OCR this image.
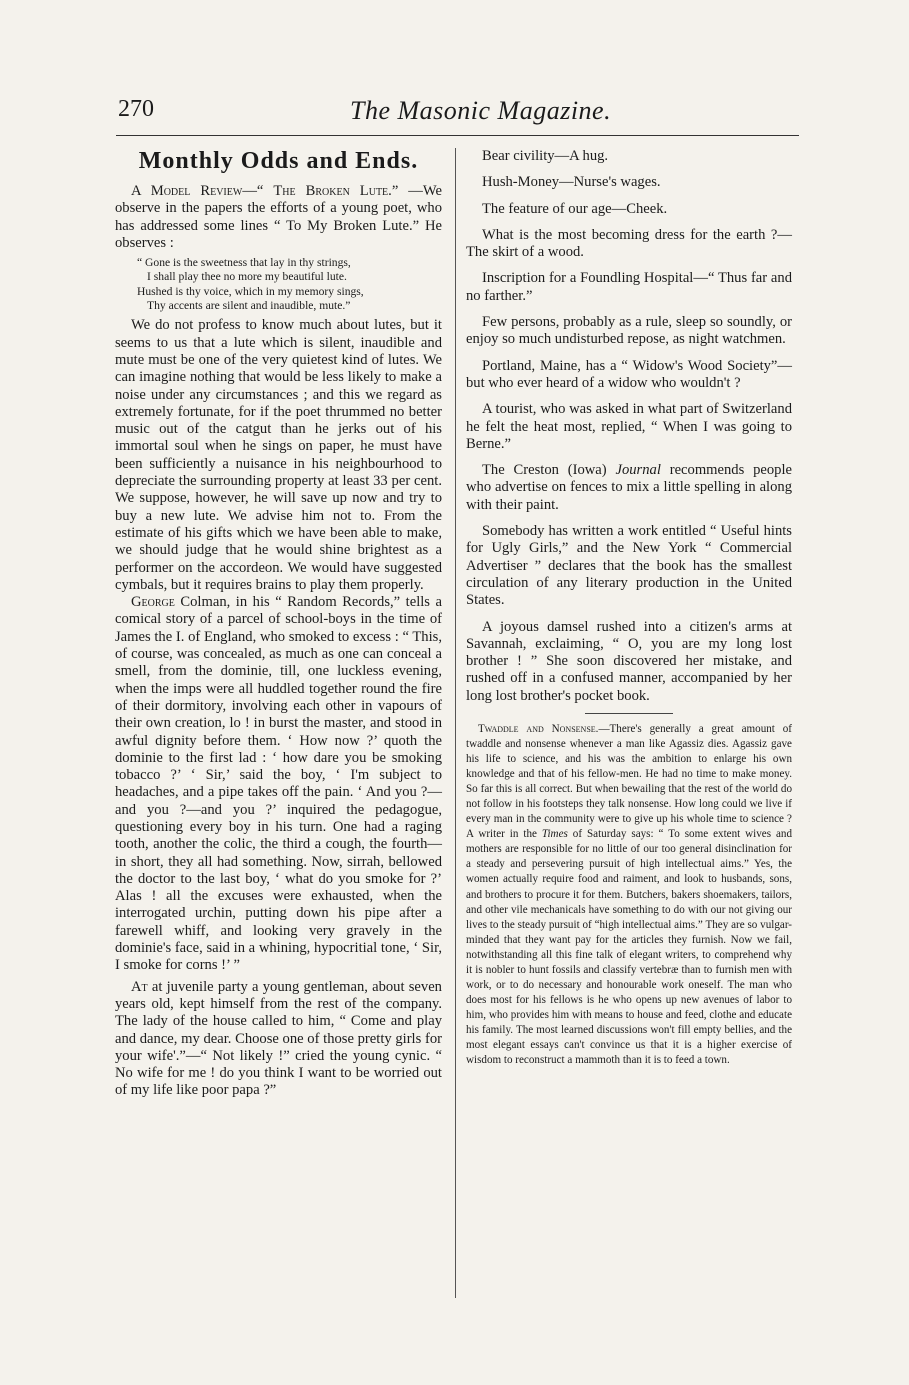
270	The Masonic Magazine.
Monthly Odds and Ends.

A Model Review—“ The Broken Lute.” —We observe in the papers the efforts of a young poet, who has addressed some lines “ To My Broken Lute.” He observes :

“ Gone is the sweetness that lay in thy strings,
I shall play thee no more my beautiful lute.
Hushed is thy voice, which in my memory sings,
Thy accents are silent and inaudible, mute.”

We do not profess to know much about lutes, but it seems to us that a lute which is silent, inaudible and mute must be one of the very quietest kind of lutes. We can imagine nothing that would be less likely to make a noise under any circumstances ; and this we regard as extremely fortunate, for if the poet thrummed no better music out of the catgut than he jerks out of his immortal soul when he sings on paper, he must have been sufficiently a nuisance in his neighbourhood to depreciate the surrounding property at least 33 per cent. We suppose, however, he will save up now and try to buy a new lute. We advise him not to. From the estimate of his gifts which we have been able to make, we should judge that he would shine brightest as a performer on the accordeon. We would have suggested cymbals, but it requires brains to play them properly.

George Colman, in his “ Random Records,” tells a comical story of a parcel of school-boys in the time of James the I. of England, who smoked to excess : “ This, of course, was concealed, as much as one can conceal a smell, from the dominie, till, one luckless evening, when the imps were all huddled together round the fire of their dormitory, involving each other in vapours of their own creation, lo ! in burst the master, and stood in awful dignity before them. ‘ How now ?’ quoth the dominie to the first lad : ‘ how dare you be smoking tobacco ?’ ‘ Sir,’ said the boy, ‘ I'm subject to headaches, and a pipe takes off the pain. ‘ And you ?—and you ?—and you ?’ inquired the pedagogue, questioning every boy in his turn. One had a raging tooth, another the colic, the third a cough, the fourth—in short, they all had something. Now, sirrah, bellowed the doctor to the last boy, ‘ what do you smoke for ?’ Alas ! all the excuses were exhausted, when the interrogated urchin, putting down his pipe after a farewell whiff, and looking very gravely in the dominie's face, said in a whining, hypocritial tone, ‘ Sir, I smoke for corns !’ ”

At at juvenile party a young gentleman, about seven years old, kept himself from the rest of the company. The lady of the house called to him, “ Come and play and dance, my dear. Choose one of those pretty girls for your wife'.”—“ Not likely !” cried the young cynic. “ No wife for me ! do you think I want to be worried out of my life like poor papa ?”

Bear civility—A hug.

Hush-Money—Nurse's wages.

The feature of our age—Cheek.

What is the most becoming dress for the earth ?—The skirt of a wood.

Inscription for a Foundling Hospital—“ Thus far and no farther.”

Few persons, probably as a rule, sleep so soundly, or enjoy so much undisturbed repose, as night watchmen.

Portland, Maine, has a “ Widow's Wood Society”—but who ever heard of a widow who wouldn't ?

A tourist, who was asked in what part of Switzerland he felt the heat most, replied, “ When I was going to Berne.”

The Creston (Iowa) Journal recommends people who advertise on fences to mix a little spelling in along with their paint.

Somebody has written a work entitled “ Useful hints for Ugly Girls,” and the New York “ Commercial Advertiser ” declares that the book has the smallest circulation of any literary production in the United States.

A joyous damsel rushed into a citizen's arms at Savannah, exclaiming, “ O, you are my long lost brother ! ” She soon discovered her mistake, and rushed off in a confused manner, accompanied by her long lost brother's pocket book.

Twaddle and Nonsense.—There's generally a great amount of twaddle and nonsense whenever a man like Agassiz dies. Agassiz gave his life to science, and his was the ambition to enlarge his own knowledge and that of his fellow-men. He had no time to make money. So far this is all correct. But when bewailing that the rest of the world do not follow in his footsteps they talk nonsense. How long could we live if every man in the community were to give up his whole time to science ? A writer in the Times of Saturday says: “ To some extent wives and mothers are responsible for no little of our too general disinclination for a steady and persevering pursuit of high intellectual aims.” Yes, the women actually require food and raiment, and look to husbands, sons, and brothers to procure it for them. Butchers, bakers shoemakers, tailors, and other vile mechanicals have something to do with our not giving our lives to the steady pursuit of “high intellectual aims.” They are so vulgar-minded that they want pay for the articles they furnish. Now we fail, notwithstanding all this fine talk of elegant writers, to comprehend why it is nobler to hunt fossils and classify vertebræ than to furnish men with work, or to do necessary and honourable work oneself. The man who does most for his fellows is he who opens up new avenues of labor to him, who provides him with means to house and feed, clothe and educate his family. The most learned discussions won't fill empty bellies, and the most elegant essays can't convince us that it is a higher exercise of wisdom to reconstruct a mammoth than it is to feed a town.
